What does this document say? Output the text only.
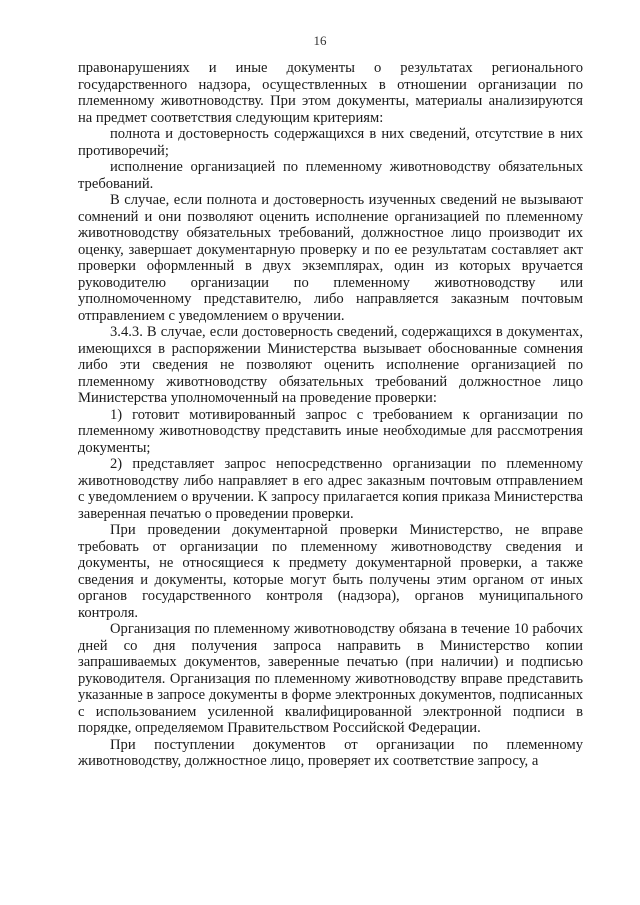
16

правонарушениях и иные документы о результатах регионального государственного надзора, осуществленных в отношении организации по племенному животноводству. При этом документы, материалы анализируются на предмет соответствия следующим критериям:

полнота и достоверность содержащихся в них сведений, отсутствие в них противоречий;

исполнение организацией по племенному животноводству обязательных требований.

В случае, если полнота и достоверность изученных сведений не вызывают сомнений и они позволяют оценить исполнение организацией по племенному животноводству обязательных требований, должностное лицо производит их оценку, завершает документарную проверку и по ее результатам составляет акт проверки оформленный в двух экземплярах, один из которых вручается руководителю организации по племенному животноводству или уполномоченному представителю, либо направляется заказным почтовым отправлением с уведомлением о вручении.

3.4.3. В случае, если достоверность сведений, содержащихся в документах, имеющихся в распоряжении Министерства вызывает обоснованные сомнения либо эти сведения не позволяют оценить исполнение организацией по племенному животноводству обязательных требований должностное лицо Министерства уполномоченный на проведение проверки:

1) готовит мотивированный запрос с требованием к организации по племенному животноводству представить иные необходимые для рассмотрения документы;

2) представляет запрос непосредственно организации по племенному животноводству либо направляет в его адрес заказным почтовым отправлением с уведомлением о вручении. К запросу прилагается копия приказа Министерства заверенная печатью о проведении проверки.

При проведении документарной проверки Министерство, не вправе требовать от организации по племенному животноводству сведения и документы, не относящиеся к предмету документарной проверки, а также сведения и документы, которые могут быть получены этим органом от иных органов государственного контроля (надзора), органов муниципального контроля.

Организация по племенному животноводству обязана в течение 10 рабочих дней со дня получения запроса направить в Министерство копии запрашиваемых документов, заверенные печатью (при наличии) и подписью руководителя. Организация по племенному животноводству вправе представить указанные в запросе документы в форме электронных документов, подписанных с использованием усиленной квалифицированной электронной подписи в порядке, определяемом Правительством Российской Федерации.

При поступлении документов от организации по племенному животноводству, должностное лицо, проверяет их соответствие запросу, а
